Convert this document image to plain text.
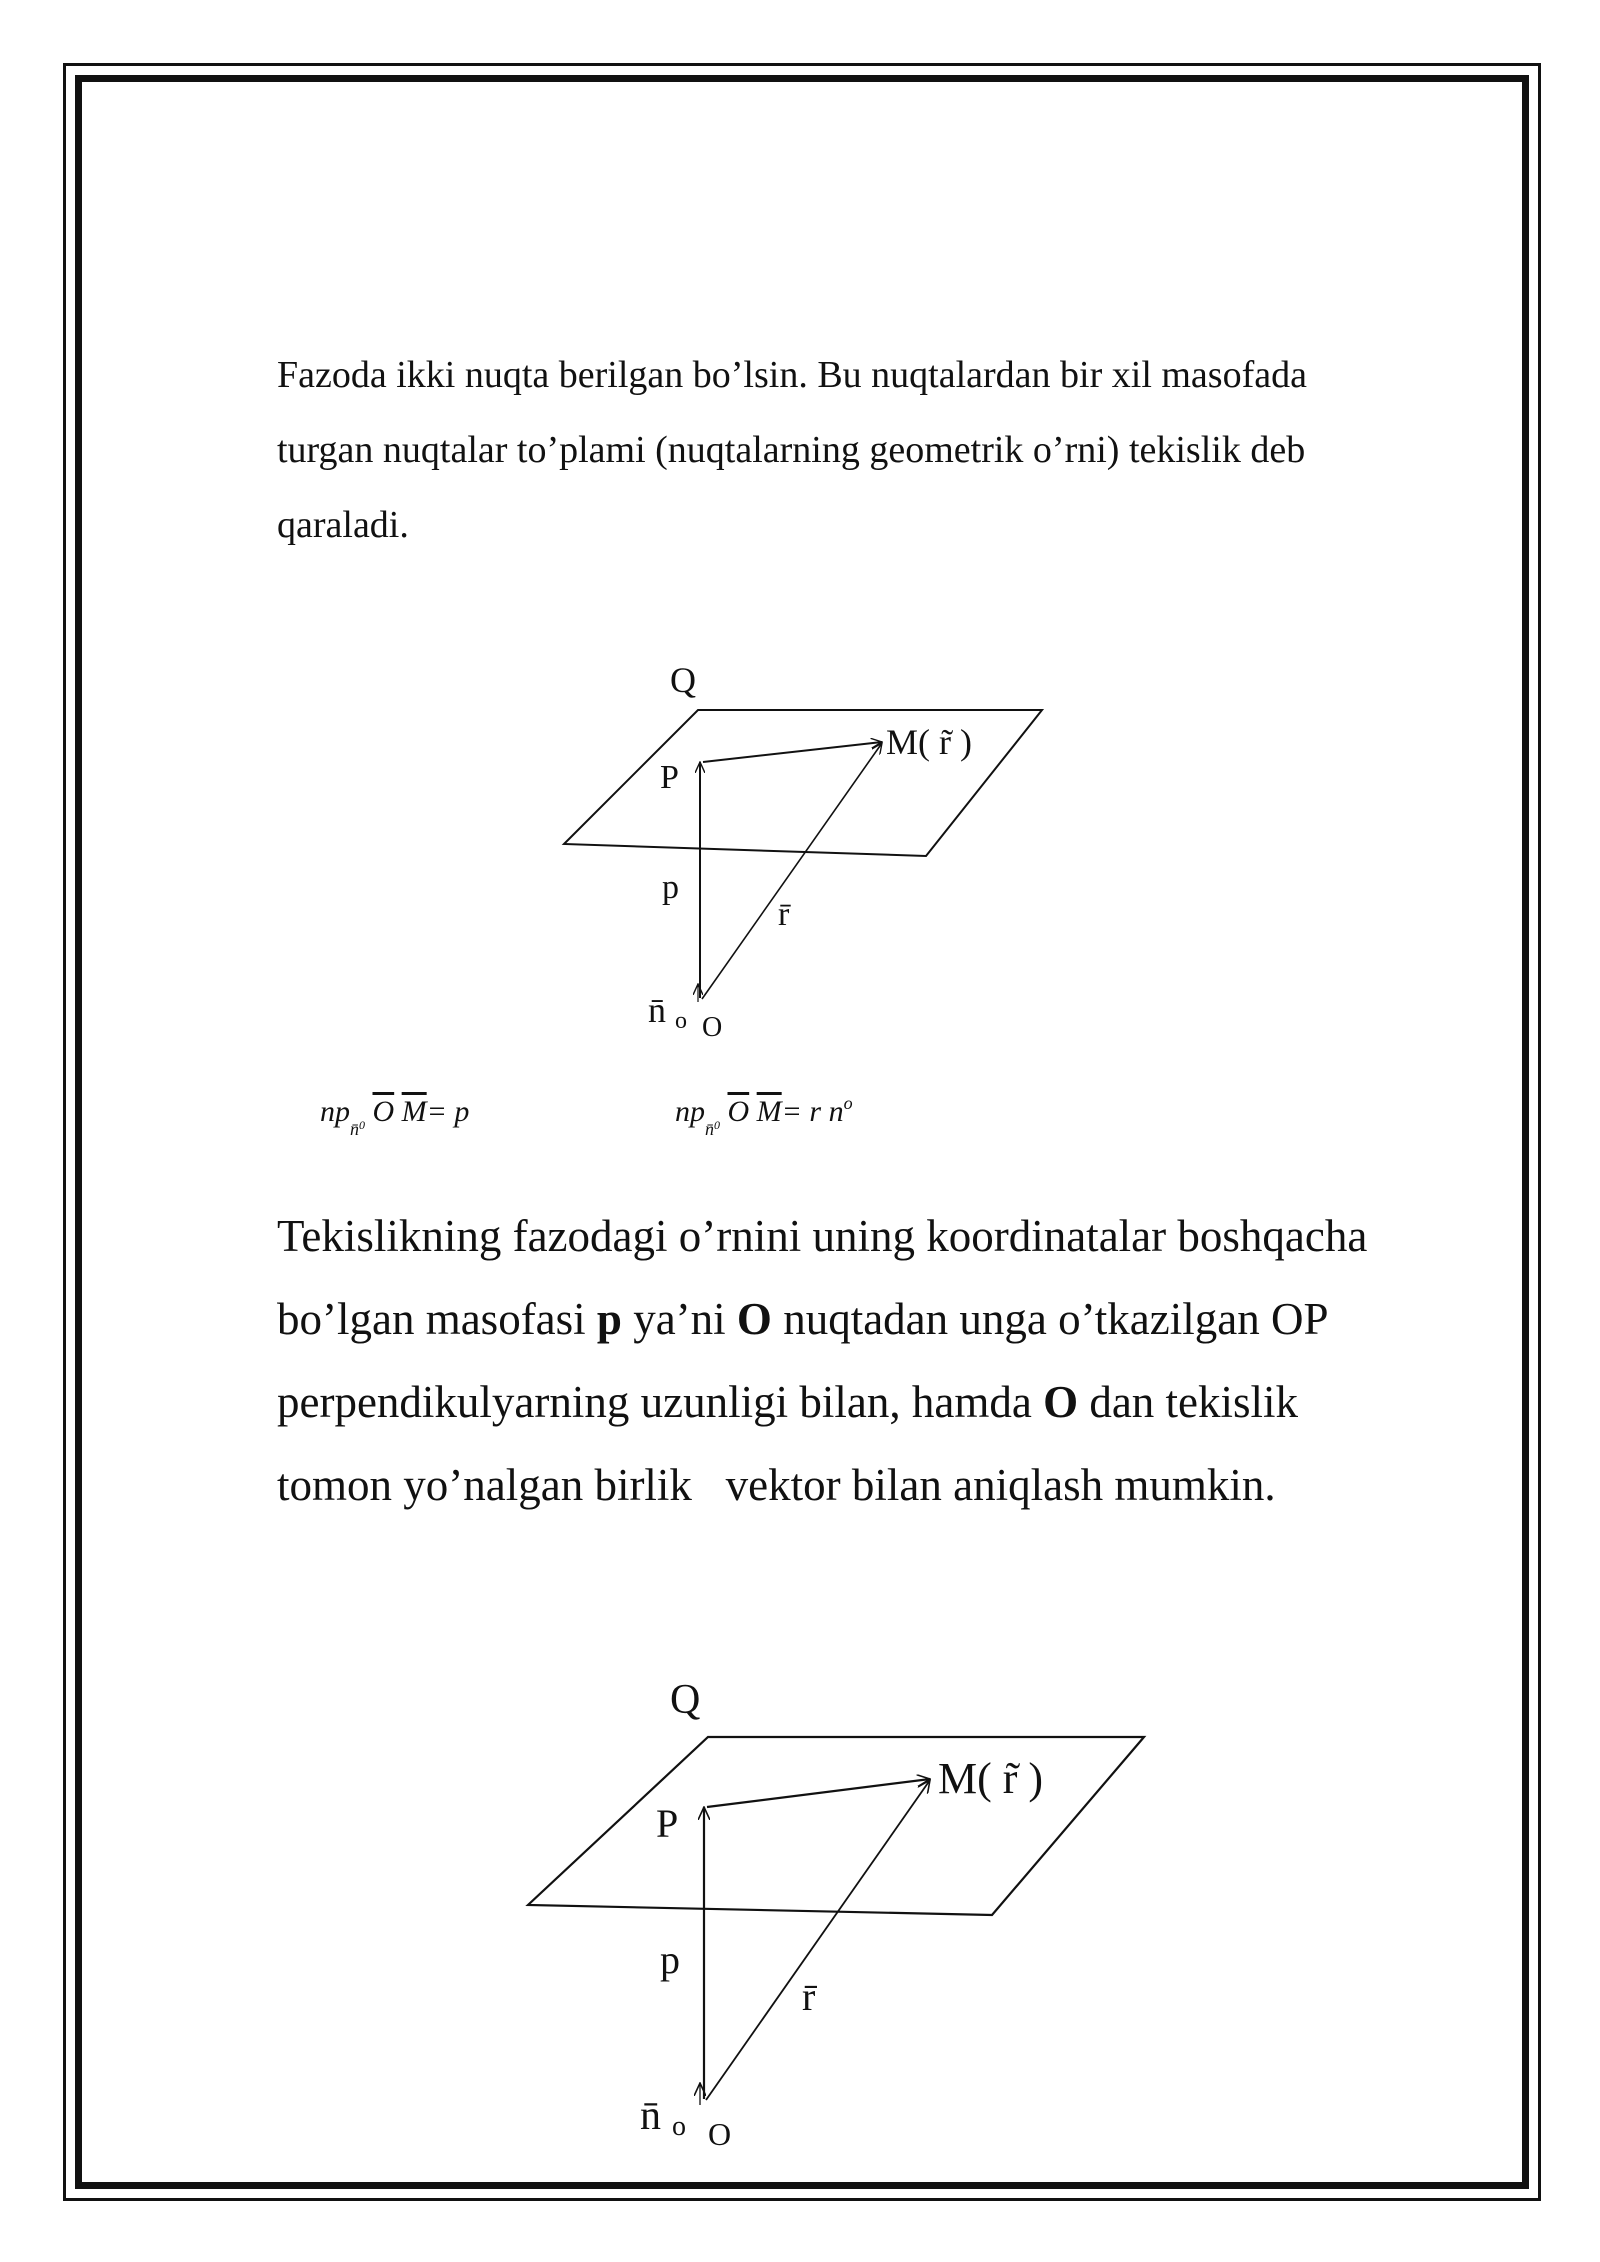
Fazoda ikki nuqta berilgan bo’lsin. Bu nuqtalardan bir xil masofada
turgan nuqtalar to’plami (nuqtalarning geometrik o’rni) tekislik deb
qaraladi.

Q
P
M( r̃ )
p
r̄
n̄ o O
$np_{n̄^0}$ $\overline{O}$ $\overline{M}= p$	$np_{n̄^0}$ $\overline{O}$ $\overline{M}= r$ $n^o$

Tekislikning fazodagi o’rnini uning koordinatalar boshqacha
bo’lgan masofasi p ya’ni O nuqtadan unga o’tkazilgan OP
perpendikulyarning uzunligi bilan, hamda O dan tekislik
tomon yo’nalgan birlik   vektor bilan aniqlash mumkin.

Q
P
M( r̃ )
p
r̄
n̄ o O
